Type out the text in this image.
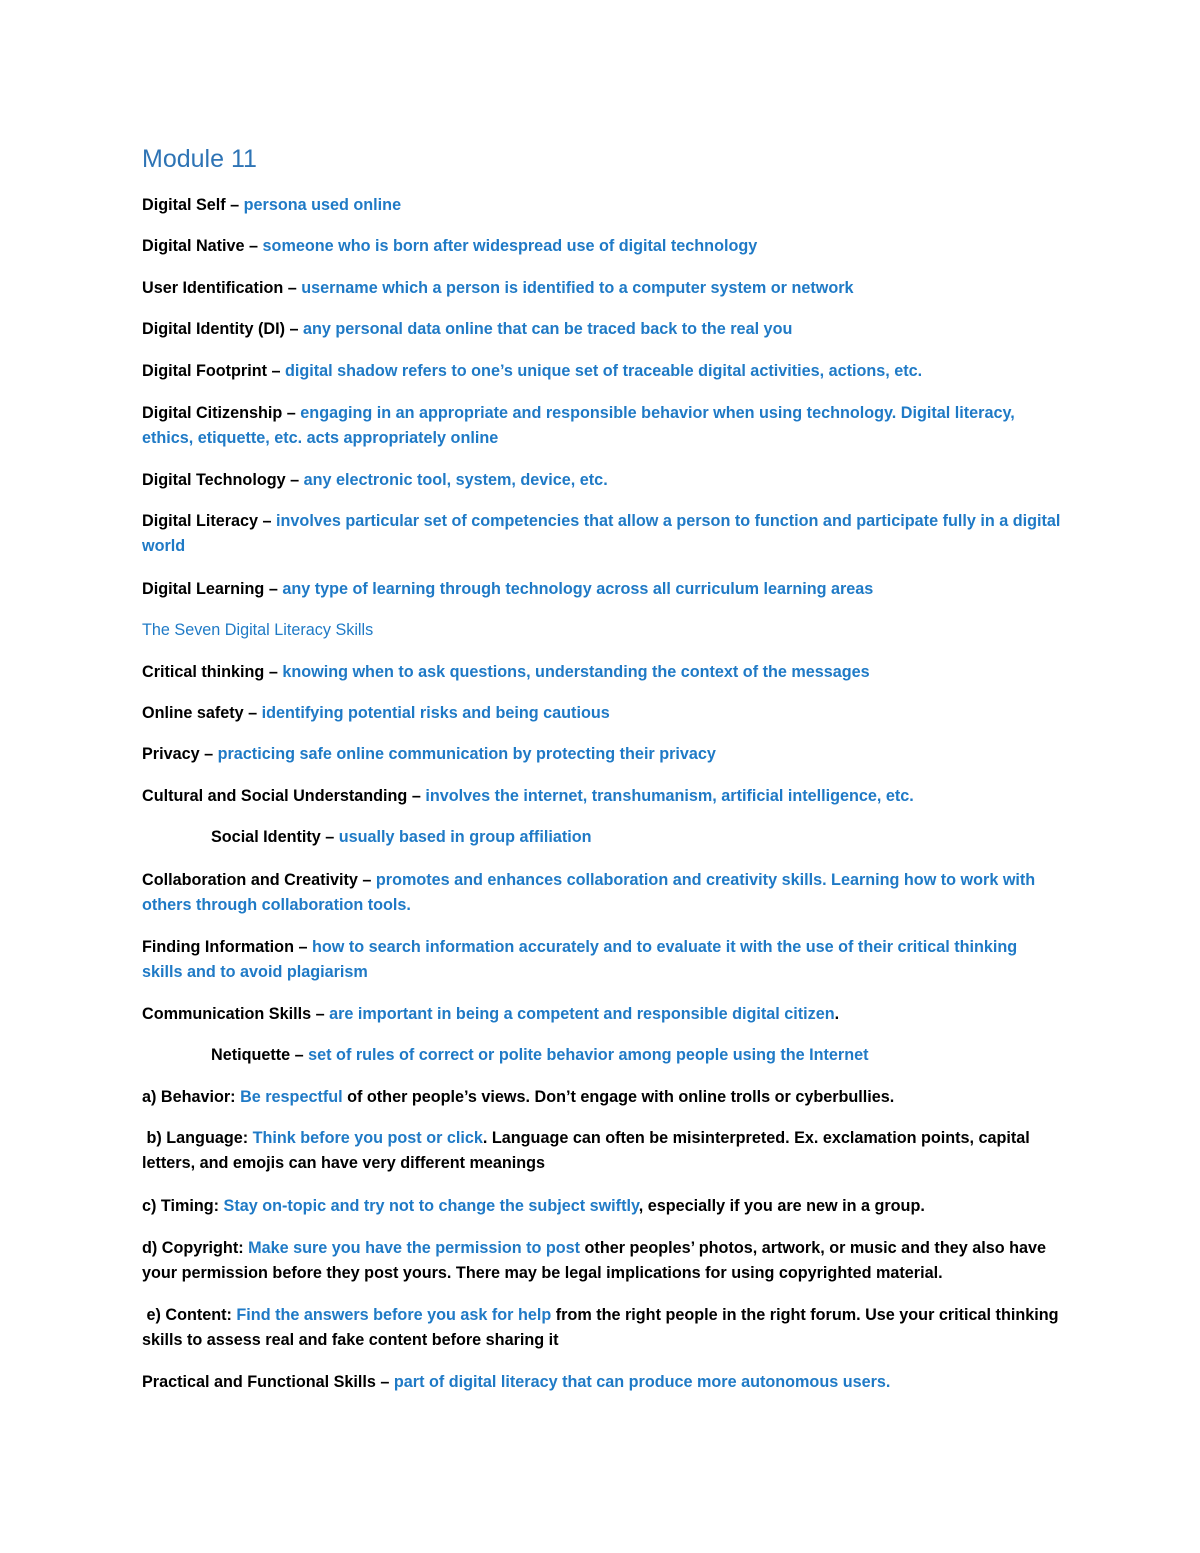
Module 11
Digital Self – persona used online
Digital Native – someone who is born after widespread use of digital technology
User Identification – username which a person is identified to a computer system or network
Digital Identity (DI) – any personal data online that can be traced back to the real you
Digital Footprint – digital shadow refers to one’s unique set of traceable digital activities, actions, etc.
Digital Citizenship – engaging in an appropriate and responsible behavior when using technology. Digital literacy, ethics, etiquette, etc. acts appropriately online
Digital Technology – any electronic tool, system, device, etc.
Digital Literacy – involves particular set of competencies that allow a person to function and participate fully in a digital world
Digital Learning – any type of learning through technology across all curriculum learning areas
The Seven Digital Literacy Skills
Critical thinking – knowing when to ask questions, understanding the context of the messages
Online safety – identifying potential risks and being cautious
Privacy – practicing safe online communication by protecting their privacy
Cultural and Social Understanding – involves the internet, transhumanism, artificial intelligence, etc.
Social Identity – usually based in group affiliation
Collaboration and Creativity – promotes and enhances collaboration and creativity skills. Learning how to work with others through collaboration tools.
Finding Information – how to search information accurately and to evaluate it with the use of their critical thinking skills and to avoid plagiarism
Communication Skills – are important in being a competent and responsible digital citizen.
Netiquette – set of rules of correct or polite behavior among people using the Internet
a) Behavior: Be respectful of other people’s views. Don’t engage with online trolls or cyberbullies.
b) Language: Think before you post or click. Language can often be misinterpreted. Ex. exclamation points, capital letters, and emojis can have very different meanings
c) Timing: Stay on-topic and try not to change the subject swiftly, especially if you are new in a group.
d) Copyright: Make sure you have the permission to post other peoples’ photos, artwork, or music and they also have your permission before they post yours. There may be legal implications for using copyrighted material.
e) Content: Find the answers before you ask for help from the right people in the right forum. Use your critical thinking skills to assess real and fake content before sharing it
Practical and Functional Skills – part of digital literacy that can produce more autonomous users.
